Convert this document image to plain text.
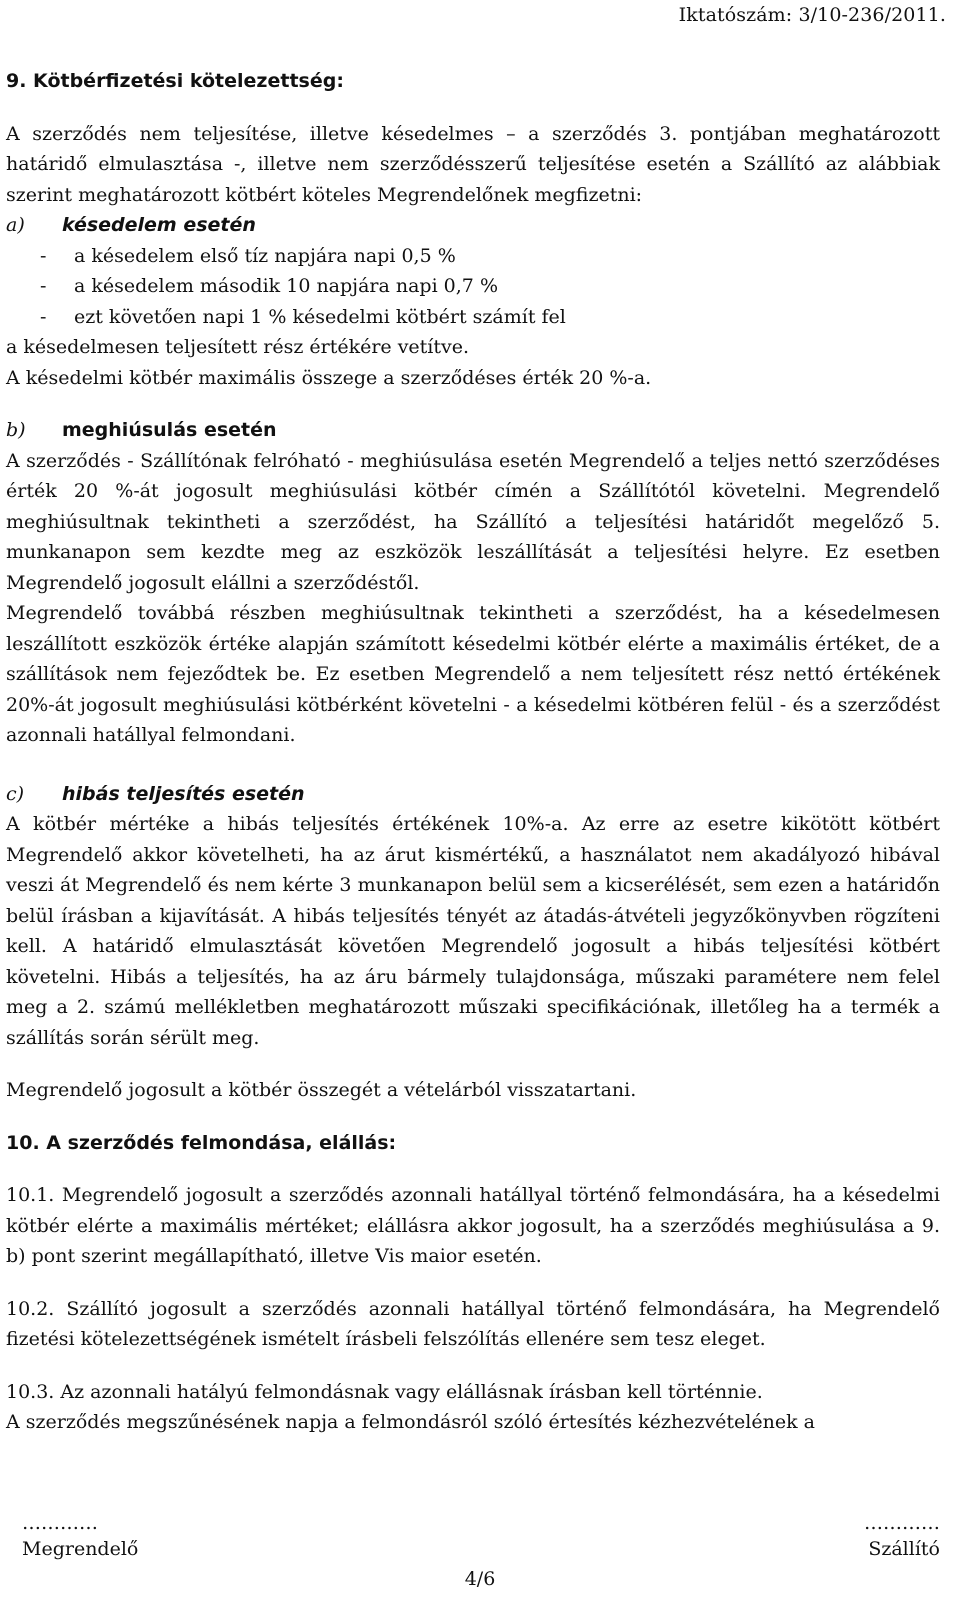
Iktatószám: 3/10-236/2011.
9. Kötbérfizetési kötelezettség:

A szerződés nem teljesítése, illetve késedelmes – a szerződés 3. pontjában meghatározott határidő elmulasztása -, illetve nem szerződésszerű teljesítése esetén a Szállító az alábbiak szerint meghatározott kötbért köteles Megrendelőnek megfizetni:

a)	késedelem esetén
-	a késedelem első tíz napjára napi 0,5 %
-	a késedelem második 10 napjára napi 0,7 %
-	ezt követően napi 1 % késedelmi kötbért számít fel

a késedelmesen teljesített rész értékére vetítve.

A késedelmi kötbér maximális összege a szerződéses érték 20 %-a.

b)	meghiúsulás esetén

A szerződés - Szállítónak felróható - meghiúsulása esetén Megrendelő a teljes nettó szerződéses érték 20 %-át jogosult meghiúsulási kötbér címén a Szállítótól követelni. Megrendelő meghiúsultnak tekintheti a szerződést, ha Szállító a teljesítési határidőt megelőző 5. munkanapon sem kezdte meg az eszközök leszállítását a teljesítési helyre. Ez esetben Megrendelő jogosult elállni a szerződéstől.

Megrendelő továbbá részben meghiúsultnak tekintheti a szerződést, ha a késedelmesen leszállított eszközök értéke alapján számított késedelmi kötbér elérte a maximális értéket, de a szállítások nem fejeződtek be. Ez esetben Megrendelő a nem teljesített rész nettó értékének 20%-át jogosult meghiúsulási kötbérként követelni - a késedelmi kötbéren felül - és a szerződést azonnali hatállyal felmondani.

c)	hibás teljesítés esetén

A kötbér mértéke a hibás teljesítés értékének 10%-a. Az erre az esetre kikötött kötbért Megrendelő akkor követelheti, ha az árut kismértékű, a használatot nem akadályozó hibával veszi át Megrendelő és nem kérte 3 munkanapon belül sem a kicserélését, sem ezen a határidőn belül írásban a kijavítását. A hibás teljesítés tényét az átadás-átvételi jegyzőkönyvben rögzíteni kell. A határidő elmulasztását követően Megrendelő jogosult a hibás teljesítési kötbért követelni. Hibás a teljesítés, ha az áru bármely tulajdonsága, műszaki paramétere nem felel meg a 2. számú mellékletben meghatározott műszaki specifikációnak, illetőleg ha a termék a szállítás során sérült meg.

Megrendelő jogosult a kötbér összegét a vételárból visszatartani.

10. A szerződés felmondása, elállás:

10.1. Megrendelő jogosult a szerződés azonnali hatállyal történő felmondására, ha a késedelmi kötbér elérte a maximális mértéket; elállásra akkor jogosult, ha a szerződés meghiúsulása a 9. b) pont szerint megállapítható, illetve Vis maior esetén.

10.2. Szállító jogosult a szerződés azonnali hatállyal történő felmondására, ha Megrendelő fizetési kötelezettségének ismételt írásbeli felszólítás ellenére sem tesz eleget.

10.3. Az azonnali hatályú felmondásnak vagy elállásnak írásban kell történnie.

A szerződés megszűnésének napja a felmondásról szóló értesítés kézhezvételének a

…………
Megrendelő
…………
Szállító
4/6
